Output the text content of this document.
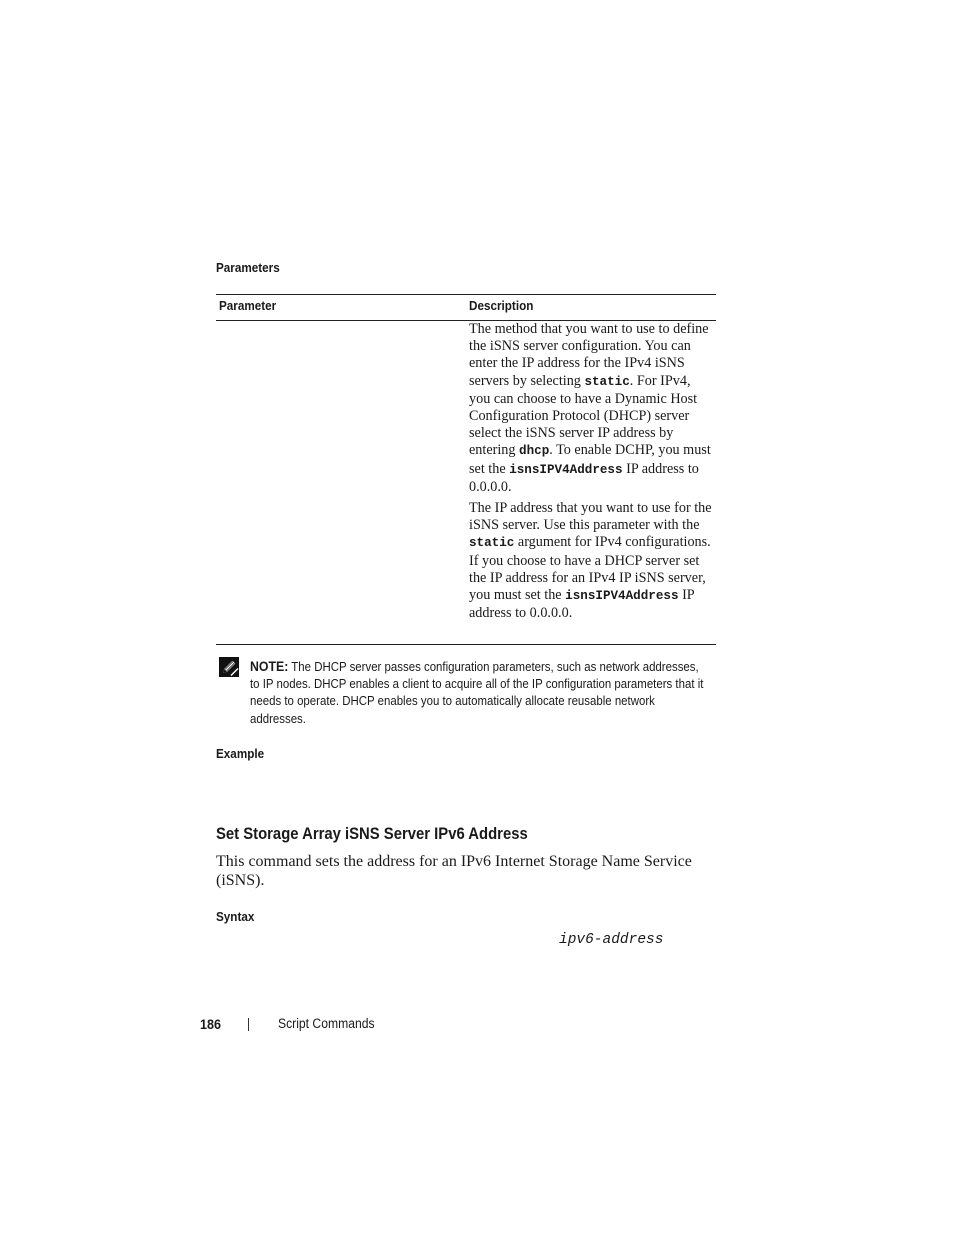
Parameters
Parameter	Description

The method that you want to use to define the iSNS server configuration. You can enter the IP address for the IPv4 iSNS servers by selecting static. For IPv4, you can choose to have a Dynamic Host Configuration Protocol (DHCP) server select the iSNS server IP address by entering dhcp. To enable DCHP, you must set the isnsIPV4Address IP address to 0.0.0.0.

The IP address that you want to use for the iSNS server. Use this parameter with the static argument for IPv4 configurations. If you choose to have a DHCP server set the IP address for an IPv4 IP iSNS server, you must set the isnsIPV4Address IP address to 0.0.0.0.

NOTE: The DHCP server passes configuration parameters, such as network addresses, to IP nodes. DHCP enables a client to acquire all of the IP configuration parameters that it needs to operate. DHCP enables you to automatically allocate reusable network addresses.

Example
Set Storage Array iSNS Server IPv6 Address

This command sets the address for an IPv6 Internet Storage Name Service (iSNS).

Syntax
ipv6-address
186	Script Commands
